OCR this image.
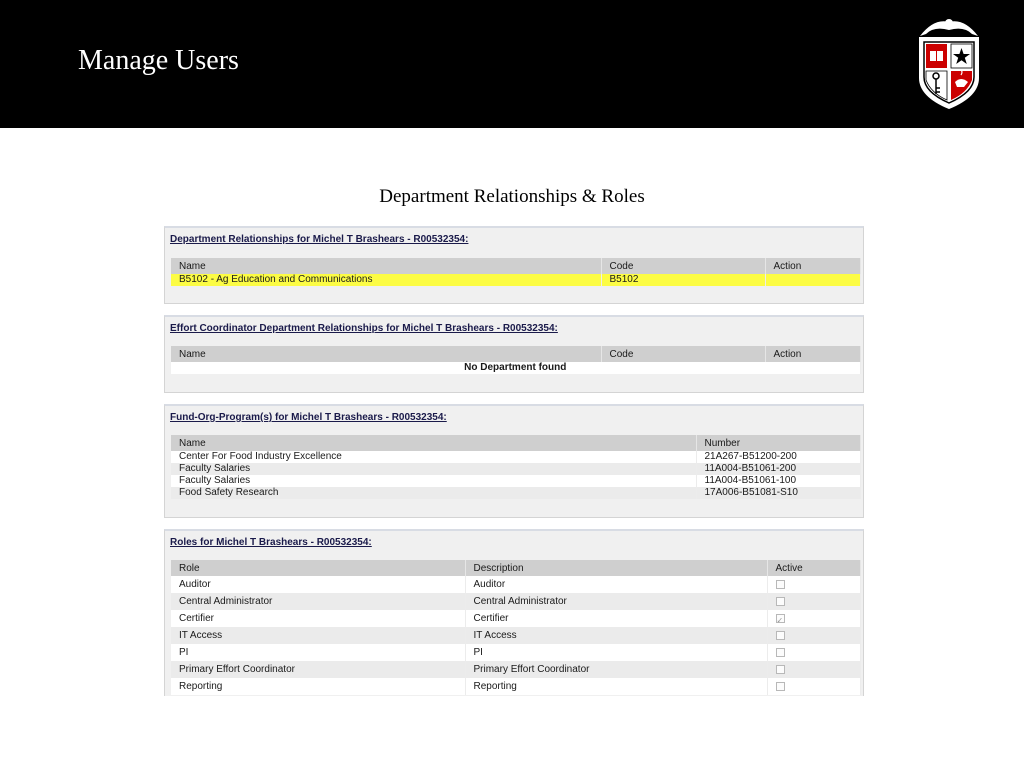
Manage Users
Department Relationships & Roles
Department Relationships for Michel T Brashears - R00532354:
Name	Code	Action
B5102 - Ag Education and Communications	B5102	
Effort Coordinator Department Relationships for Michel T Brashears - R00532354:
Name	Code	Action
No Department found
Fund-Org-Program(s) for Michel T Brashears - R00532354:
Name	Number
Center For Food Industry Excellence	21A267-B51200-200
Faculty Salaries	11A004-B51061-200
Faculty Salaries	11A004-B51061-100
Food Safety Research	17A006-B51081-S10
Roles for Michel T Brashears - R00532354:
Role	Description	Active
Auditor	Auditor	
Central Administrator	Central Administrator	
Certifier	Certifier	✓
IT Access	IT Access	
PI	PI	
Primary Effort Coordinator	Primary Effort Coordinator	
Reporting	Reporting	
